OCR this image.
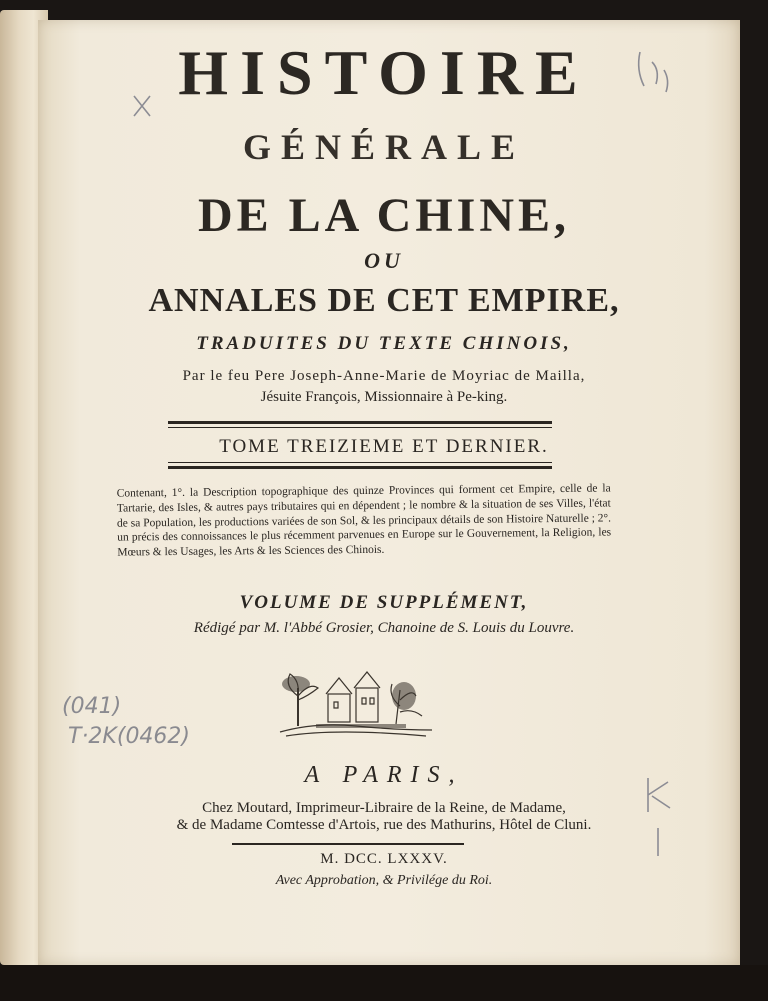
HISTOIRE
GÉNÉRALE
DE LA CHINE,
OU
ANNALES DE CET EMPIRE,
TRADUITES DU TEXTE CHINOIS,
Par le feu Pere Joseph-Anne-Marie de Moyriac de Mailla,
Jésuite François, Missionnaire à Pe-king.
TOME TREIZIEME ET DERNIER.
Contenant, 1°. la Description topographique des quinze Provinces qui forment cet Empire, celle de la Tartarie, des Isles, & autres pays tributaires qui en dépendent ; le nombre & la situation de ses Villes, l'état de sa Population, les productions variées de son Sol, & les principaux détails de son Histoire Naturelle ; 2°. un précis des connoissances le plus récemment parvenues en Europe sur le Gouvernement, la Religion, les Mœurs & les Usages, les Arts & les Sciences des Chinois.
VOLUME DE SUPPLÉMENT,
Rédigé par M. l'Abbé Grosier, Chanoine de S. Louis du Louvre.
A PARIS,
Chez Moutard, Imprimeur-Libraire de la Reine, de Madame,
& de Madame Comtesse d'Artois, rue des Mathurins, Hôtel de Cluni.
M. DCC. LXXXV.
Avec Approbation, & Privilége du Roi.
(041)
T·2K(0462)
